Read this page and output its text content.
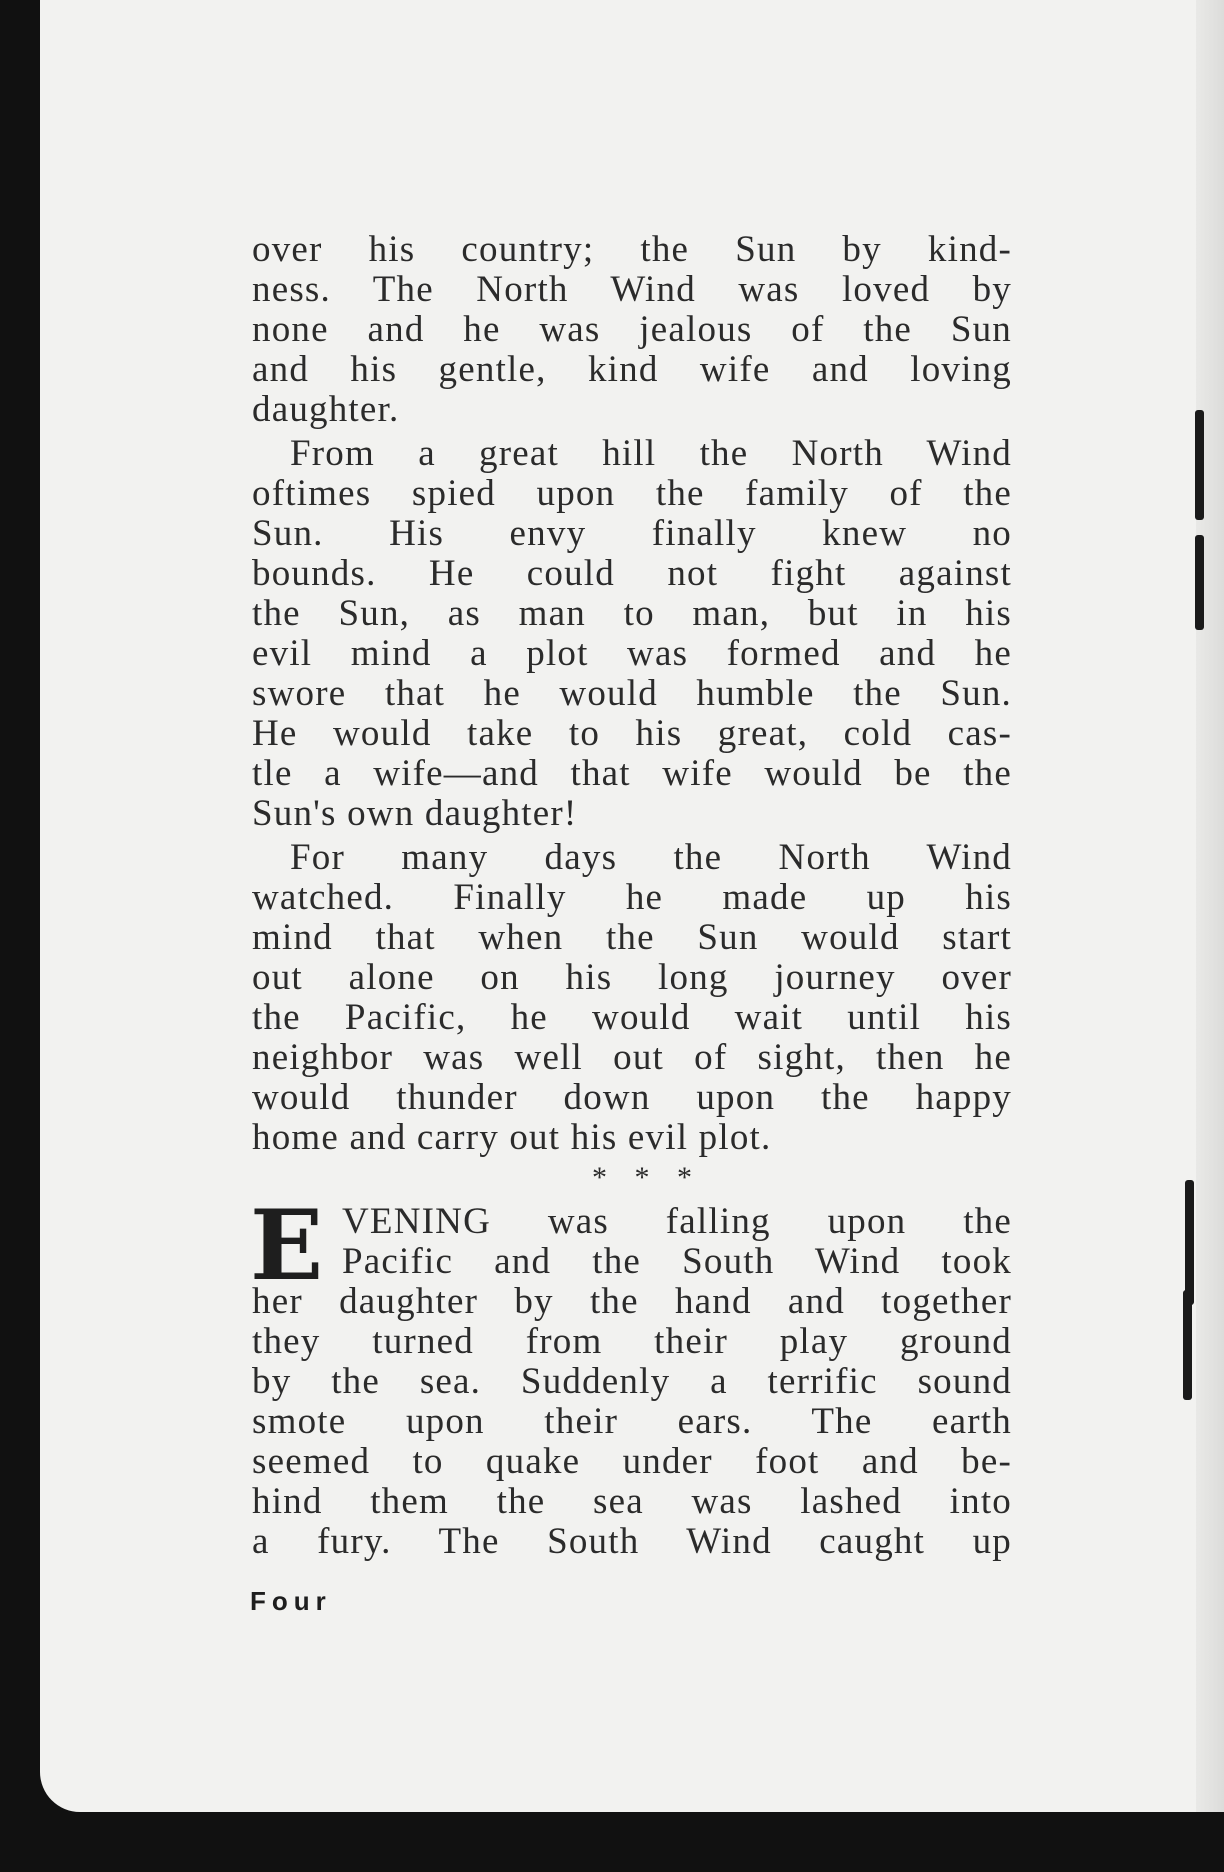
over his country; the Sun by kind-
ness. The North Wind was loved by
none and he was jealous of the Sun
and his gentle, kind wife and loving
daughter.
From a great hill the North Wind
oftimes spied upon the family of the
Sun. His envy finally knew no
bounds. He could not fight against
the Sun, as man to man, but in his
evil mind a plot was formed and he
swore that he would humble the Sun.
He would take to his great, cold cas-
tle a wife—and that wife would be the
Sun's own daughter!
For many days the North Wind
watched. Finally he made up his
mind that when the Sun would start
out alone on his long journey over
the Pacific, he would wait until his
neighbor was well out of sight, then he
would thunder down upon the happy
home and carry out his evil plot.
* * *
E VENING was falling upon the
Pacific and the South Wind took
her daughter by the hand and together
they turned from their play ground
by the sea. Suddenly a terrific sound
smote upon their ears. The earth
seemed to quake under foot and be-
hind them the sea was lashed into
a fury. The South Wind caught up
Four
